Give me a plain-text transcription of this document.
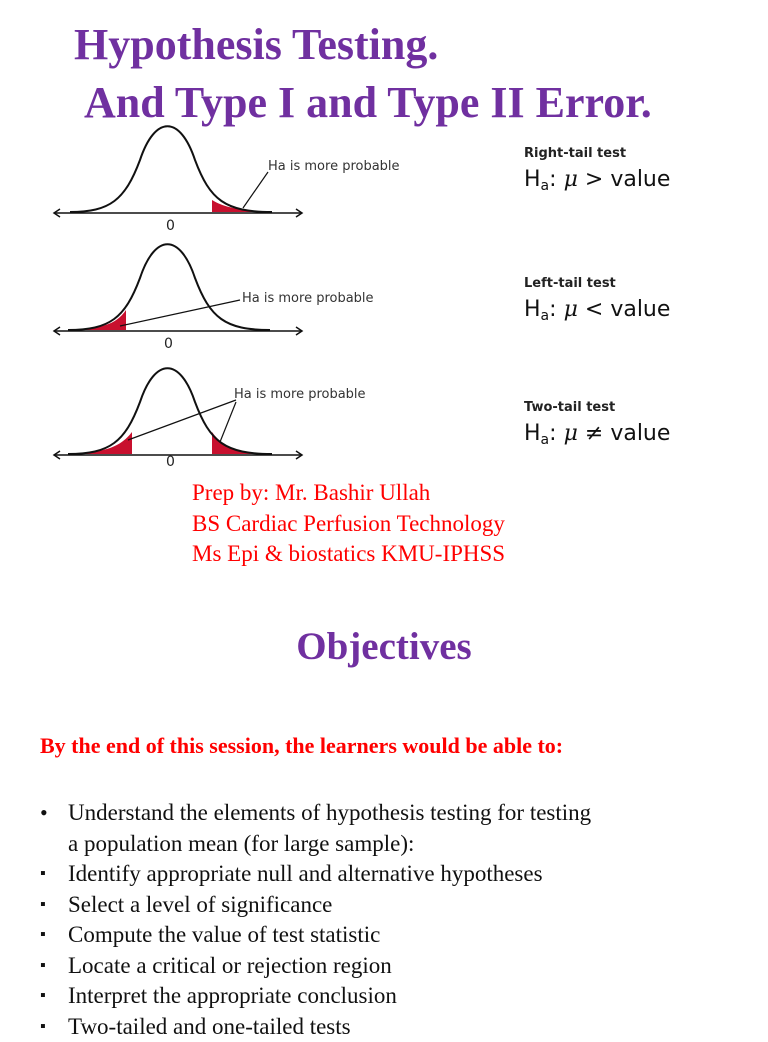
Hypothesis Testing.
And Type I and Type II Error.
Ha is more probable
0
Ha is more probable
0
Ha is more probable
0
Right-tail test
$H_a$: μ > value
Left-tail test
$H_a$: μ < value
Two-tail test
$H_a$: μ ≠ value
Prep by: Mr. Bashir Ullah
BS Cardiac Perfusion Technology
Ms Epi & biostatics KMU-IPHSS
Objectives
By the end of this session, the learners would be able to:
• Understand the elements of hypothesis testing for testing
a population mean (for large sample):
▪ Identify appropriate null and alternative hypotheses
▪ Select a level of significance
▪ Compute the value of test statistic
▪ Locate a critical or rejection region
▪ Interpret the appropriate conclusion
▪ Two-tailed and one-tailed tests
